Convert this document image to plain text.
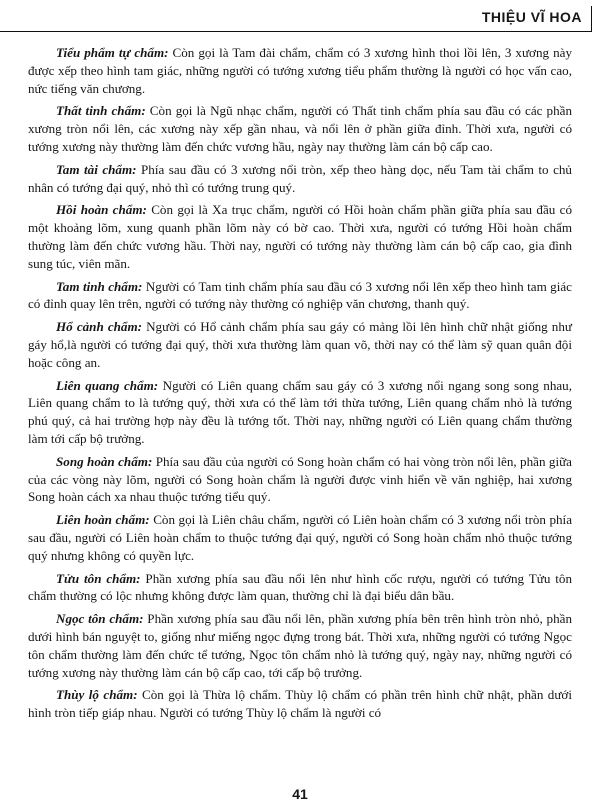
THIỆU VĨ HOA

Tiểu phẩm tự chẩm: Còn gọi là Tam đài chẩm, chẩm có 3 xương hình thoi lồi lên, 3 xương này được xếp theo hình tam giác, những người có tướng xương tiểu phẩm thường là người có học vấn cao, nức tiếng văn chương.

Thất tinh chẩm: Còn gọi là Ngũ nhạc chẩm, người có Thất tinh chẩm phía sau đầu có các phần xương tròn nổi lên, các xương này xếp gần nhau, và nổi lên ở phần giữa đỉnh. Thời xưa, người có tướng xương này thường làm đến chức vương hầu, ngày nay thường làm cán bộ cấp cao.

Tam tài chẩm: Phía sau đầu có 3 xương nổi tròn, xếp theo hàng dọc, nếu Tam tài chẩm to chủ nhân có tướng đại quý, nhỏ thì có tướng trung quý.

Hồi hoàn chẩm: Còn gọi là Xa trục chẩm, người có Hồi hoàn chẩm phần giữa phía sau đầu có một khoảng lõm, xung quanh phần lõm này có bờ cao. Thời xưa, người có tướng Hồi hoàn chẩm thường làm đến chức vương hầu. Thời nay, người có tướng này thường làm cán bộ cấp cao, gia đình sung túc, viên mãn.

Tam tinh chẩm: Người có Tam tinh chẩm phía sau đầu có 3 xương nổi lên xếp theo hình tam giác có đỉnh quay lên trên, người có tướng này thường có nghiệp văn chương, thanh quý.

Hổ cảnh chẩm: Người có Hổ cảnh chẩm phía sau gáy có mảng lồi lên hình chữ nhật giống như gáy hổ,là người có tướng đại quý, thời xưa thường làm quan võ, thời nay có thể làm sỹ quan quân đội hoặc công an.

Liên quang chẩm: Người có Liên quang chẩm sau gáy có 3 xương nổi ngang song song nhau, Liên quang chẩm to là tướng quý, thời xưa có thể làm tới thừa tướng, Liên quang chẩm nhỏ là tướng phú quý, cả hai trường hợp này đều là tướng tốt. Thời nay, những người có Liên quang chẩm thường làm tới cấp bộ trưởng.

Song hoàn chẩm: Phía sau đầu của người có Song hoàn chẩm có hai vòng tròn nổi lên, phần giữa của các vòng này lõm, người có Song hoàn chẩm là người được vinh hiển về văn nghiệp, hai xương Song hoàn cách xa nhau thuộc tướng tiểu quý.

Liên hoàn chẩm: Còn gọi là Liên châu chẩm, người có Liên hoàn chẩm có 3 xương nổi tròn phía sau đầu, người có Liên hoàn chẩm to thuộc tướng đại quý, người có Song hoàn chẩm nhỏ thuộc tướng quý nhưng không có quyền lực.

Tửu tôn chẩm: Phần xương phía sau đầu nổi lên như hình cốc rượu, người có tướng Tửu tôn chẩm thường có lộc nhưng không được làm quan, thường chỉ là đại biểu dân bầu.

Ngọc tôn chẩm: Phần xương phía sau đầu nổi lên, phần xương phía bên trên hình tròn nhỏ, phần dưới hình bán nguyệt to, giống như miếng ngọc đựng trong bát. Thời xưa, những người có tướng Ngọc tôn chẩm thường làm đến chức tể tướng, Ngọc tôn chẩm nhỏ là tướng quý, ngày nay, những người có tướng xương này thường làm cán bộ cấp cao, tới cấp bộ trưởng.

Thùy lộ chẩm: Còn gọi là Thừa lộ chẩm. Thùy lộ chẩm có phần trên hình chữ nhật, phần dưới hình tròn tiếp giáp nhau. Người có tướng Thùy lộ chẩm là người có

41
